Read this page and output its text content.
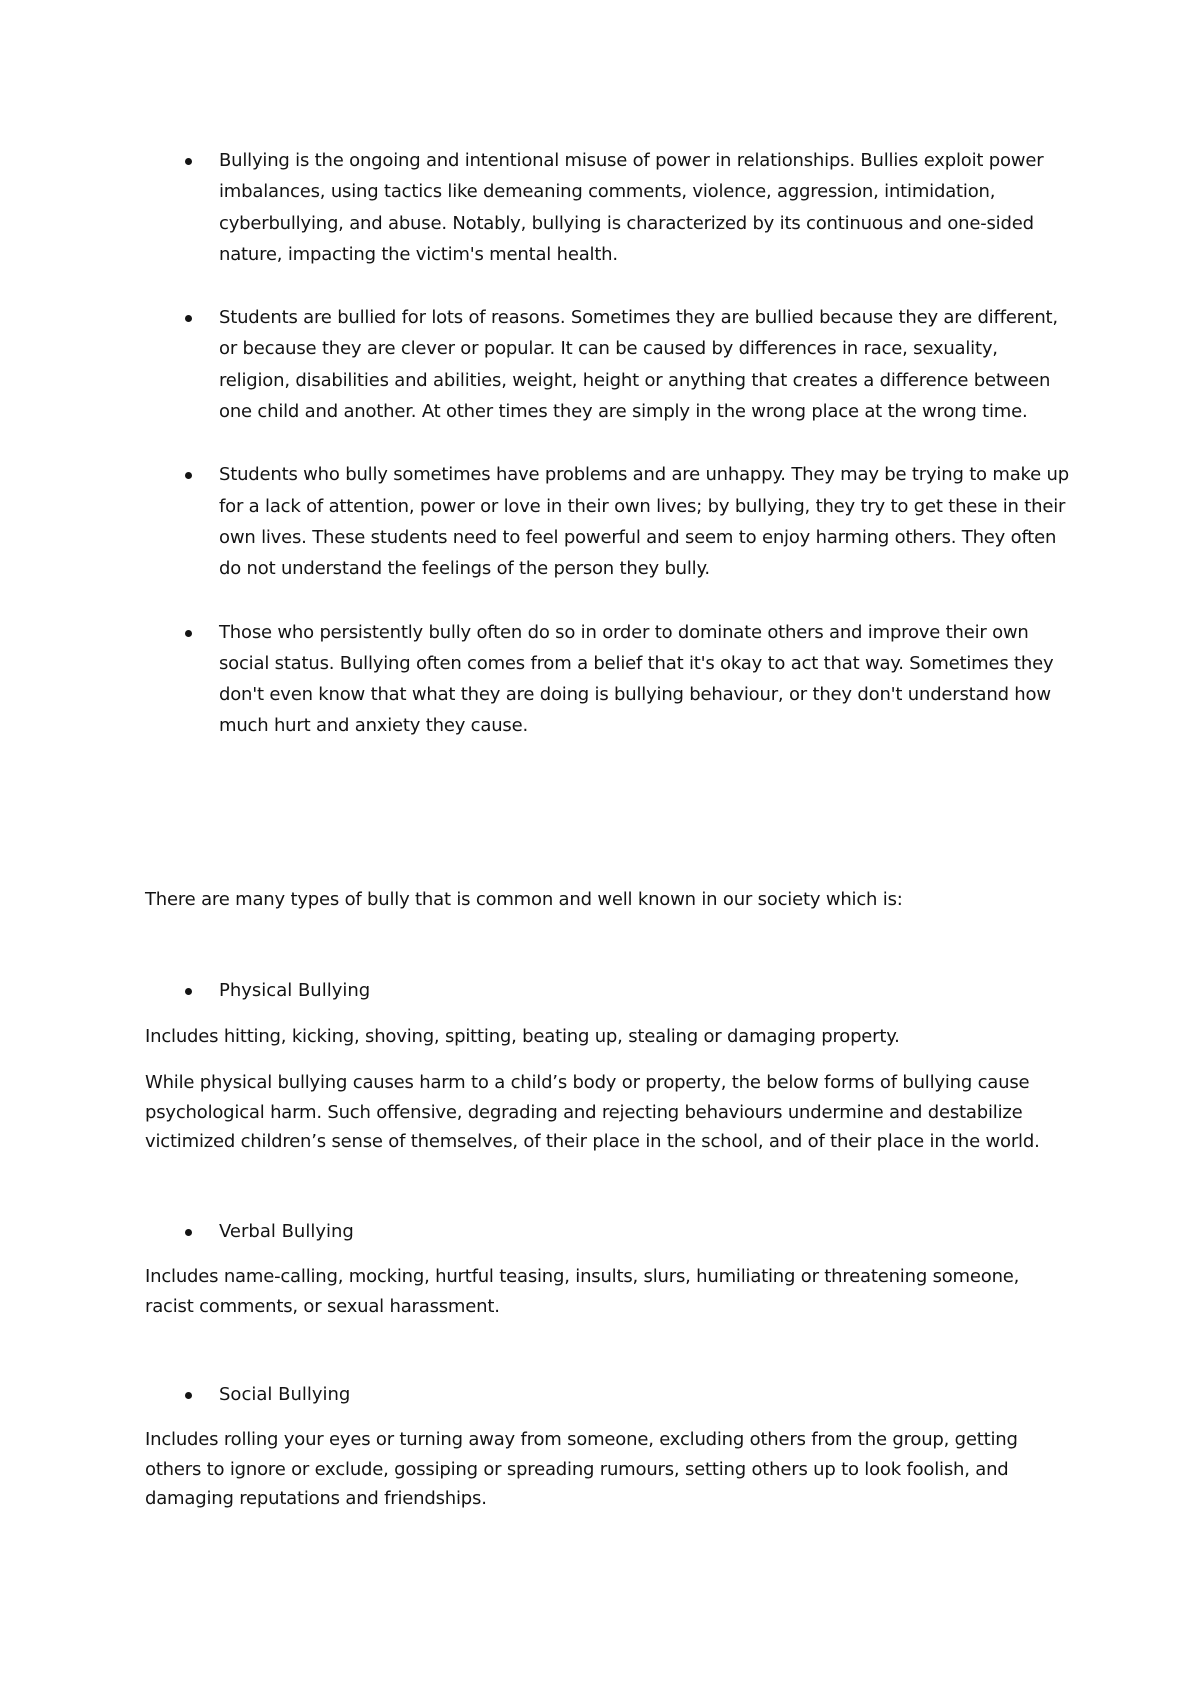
Bullying is the ongoing and intentional misuse of power in relationships. Bullies exploit power imbalances, using tactics like demeaning comments, violence, aggression, intimidation, cyberbullying, and abuse. Notably, bullying is characterized by its continuous and one-sided nature, impacting the victim's mental health.
Students are bullied for lots of reasons. Sometimes they are bullied because they are different, or because they are clever or popular. It can be caused by differences in race, sexuality, religion, disabilities and abilities, weight, height or anything that creates a difference between one child and another. At other times they are simply in the wrong place at the wrong time.
Students who bully sometimes have problems and are unhappy. They may be trying to make up for a lack of attention, power or love in their own lives; by bullying, they try to get these in their own lives. These students need to feel powerful and seem to enjoy harming others. They often do not understand the feelings of the person they bully.
Those who persistently bully often do so in order to dominate others and improve their own social status. Bullying often comes from a belief that it's okay to act that way. Sometimes they don't even know that what they are doing is bullying behaviour, or they don't understand how much hurt and anxiety they cause.

There are many types of bully that is common and well known in our society which is:

Physical Bullying

Includes hitting, kicking, shoving, spitting, beating up, stealing or damaging property.

While physical bullying causes harm to a child’s body or property, the below forms of bullying cause psychological harm. Such offensive, degrading and rejecting behaviours undermine and destabilize victimized children’s sense of themselves, of their place in the school, and of their place in the world.

Verbal Bullying

Includes name-calling, mocking, hurtful teasing, insults, slurs, humiliating or threatening someone, racist comments, or sexual harassment.

Social Bullying

Includes rolling your eyes or turning away from someone, excluding others from the group, getting others to ignore or exclude, gossiping or spreading rumours, setting others up to look foolish, and damaging reputations and friendships.
